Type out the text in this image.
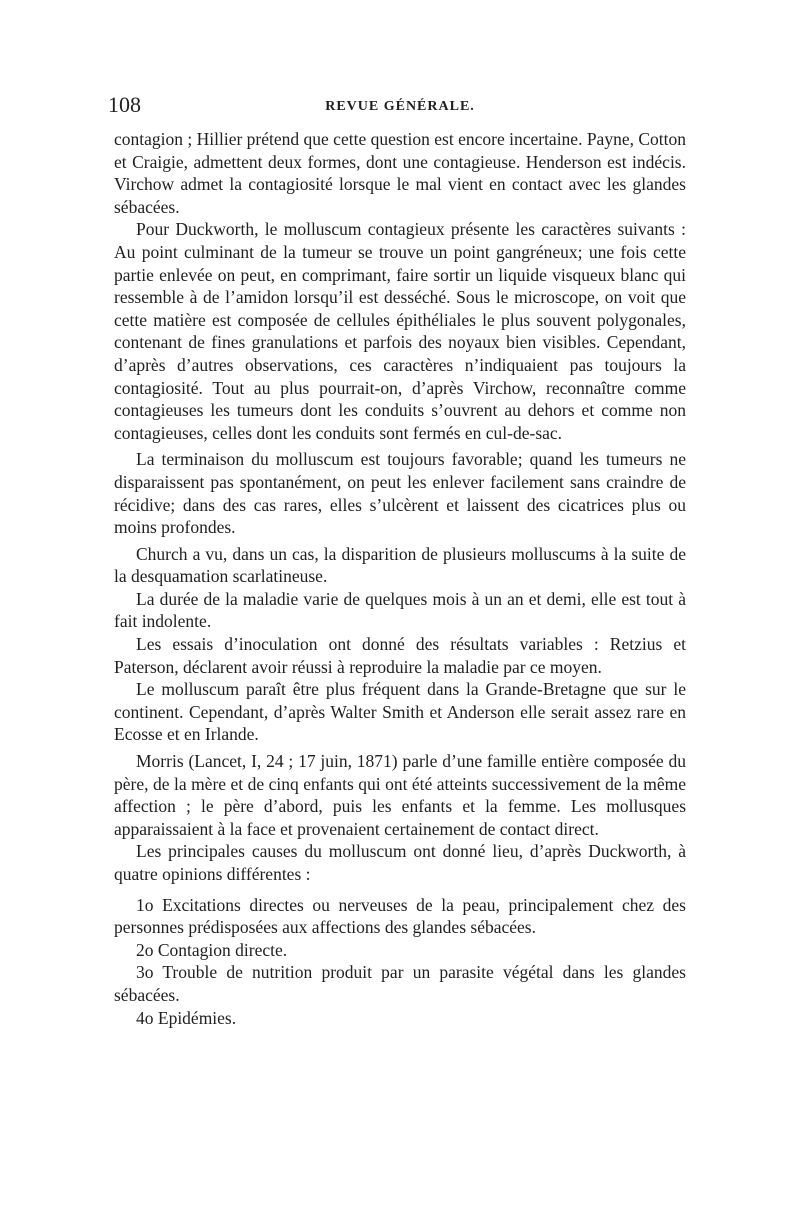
108	REVUE GÉNÉRALE.

contagion ; Hillier prétend que cette question est encore incertaine. Payne, Cotton et Craigie, admettent deux formes, dont une contagieuse. Henderson est indécis. Virchow admet la contagiosité lorsque le mal vient en contact avec les glandes sébacées.

Pour Duckworth, le molluscum contagieux présente les caractères suivants : Au point culminant de la tumeur se trouve un point gangréneux; une fois cette partie enlevée on peut, en comprimant, faire sortir un liquide visqueux blanc qui ressemble à de l’amidon lorsqu’il est desséché. Sous le microscope, on voit que cette matière est composée de cellules épithéliales le plus souvent polygonales, contenant de fines granulations et parfois des noyaux bien visibles. Cependant, d’après d’autres observations, ces caractères n’indiquaient pas toujours la contagiosité. Tout au plus pourrait-on, d’après Virchow, reconnaître comme contagieuses les tumeurs dont les conduits s’ouvrent au dehors et comme non contagieuses, celles dont les conduits sont fermés en cul-de-sac.

La terminaison du molluscum est toujours favorable; quand les tumeurs ne disparaissent pas spontanément, on peut les enlever facilement sans craindre de récidive; dans des cas rares, elles s’ulcèrent et laissent des cicatrices plus ou moins profondes.

Church a vu, dans un cas, la disparition de plusieurs molluscums à la suite de la desquamation scarlatineuse.

La durée de la maladie varie de quelques mois à un an et demi, elle est tout à fait indolente.

Les essais d’inoculation ont donné des résultats variables : Retzius et Paterson, déclarent avoir réussi à reproduire la maladie par ce moyen.

Le molluscum paraît être plus fréquent dans la Grande-Bretagne que sur le continent. Cependant, d’après Walter Smith et Anderson elle serait assez rare en Ecosse et en Irlande.

Morris (Lancet, I, 24 ; 17 juin, 1871) parle d’une famille entière composée du père, de la mère et de cinq enfants qui ont été atteints successivement de la même affection ; le père d’abord, puis les enfants et la femme. Les mollusques apparaissaient à la face et provenaient certainement de contact direct.

Les principales causes du molluscum ont donné lieu, d’après Duckworth, à quatre opinions différentes :

1o Excitations directes ou nerveuses de la peau, principalement chez des personnes prédisposées aux affections des glandes sébacées.

2o Contagion directe.

3o Trouble de nutrition produit par un parasite végétal dans les glandes sébacées.

4o Epidémies.
